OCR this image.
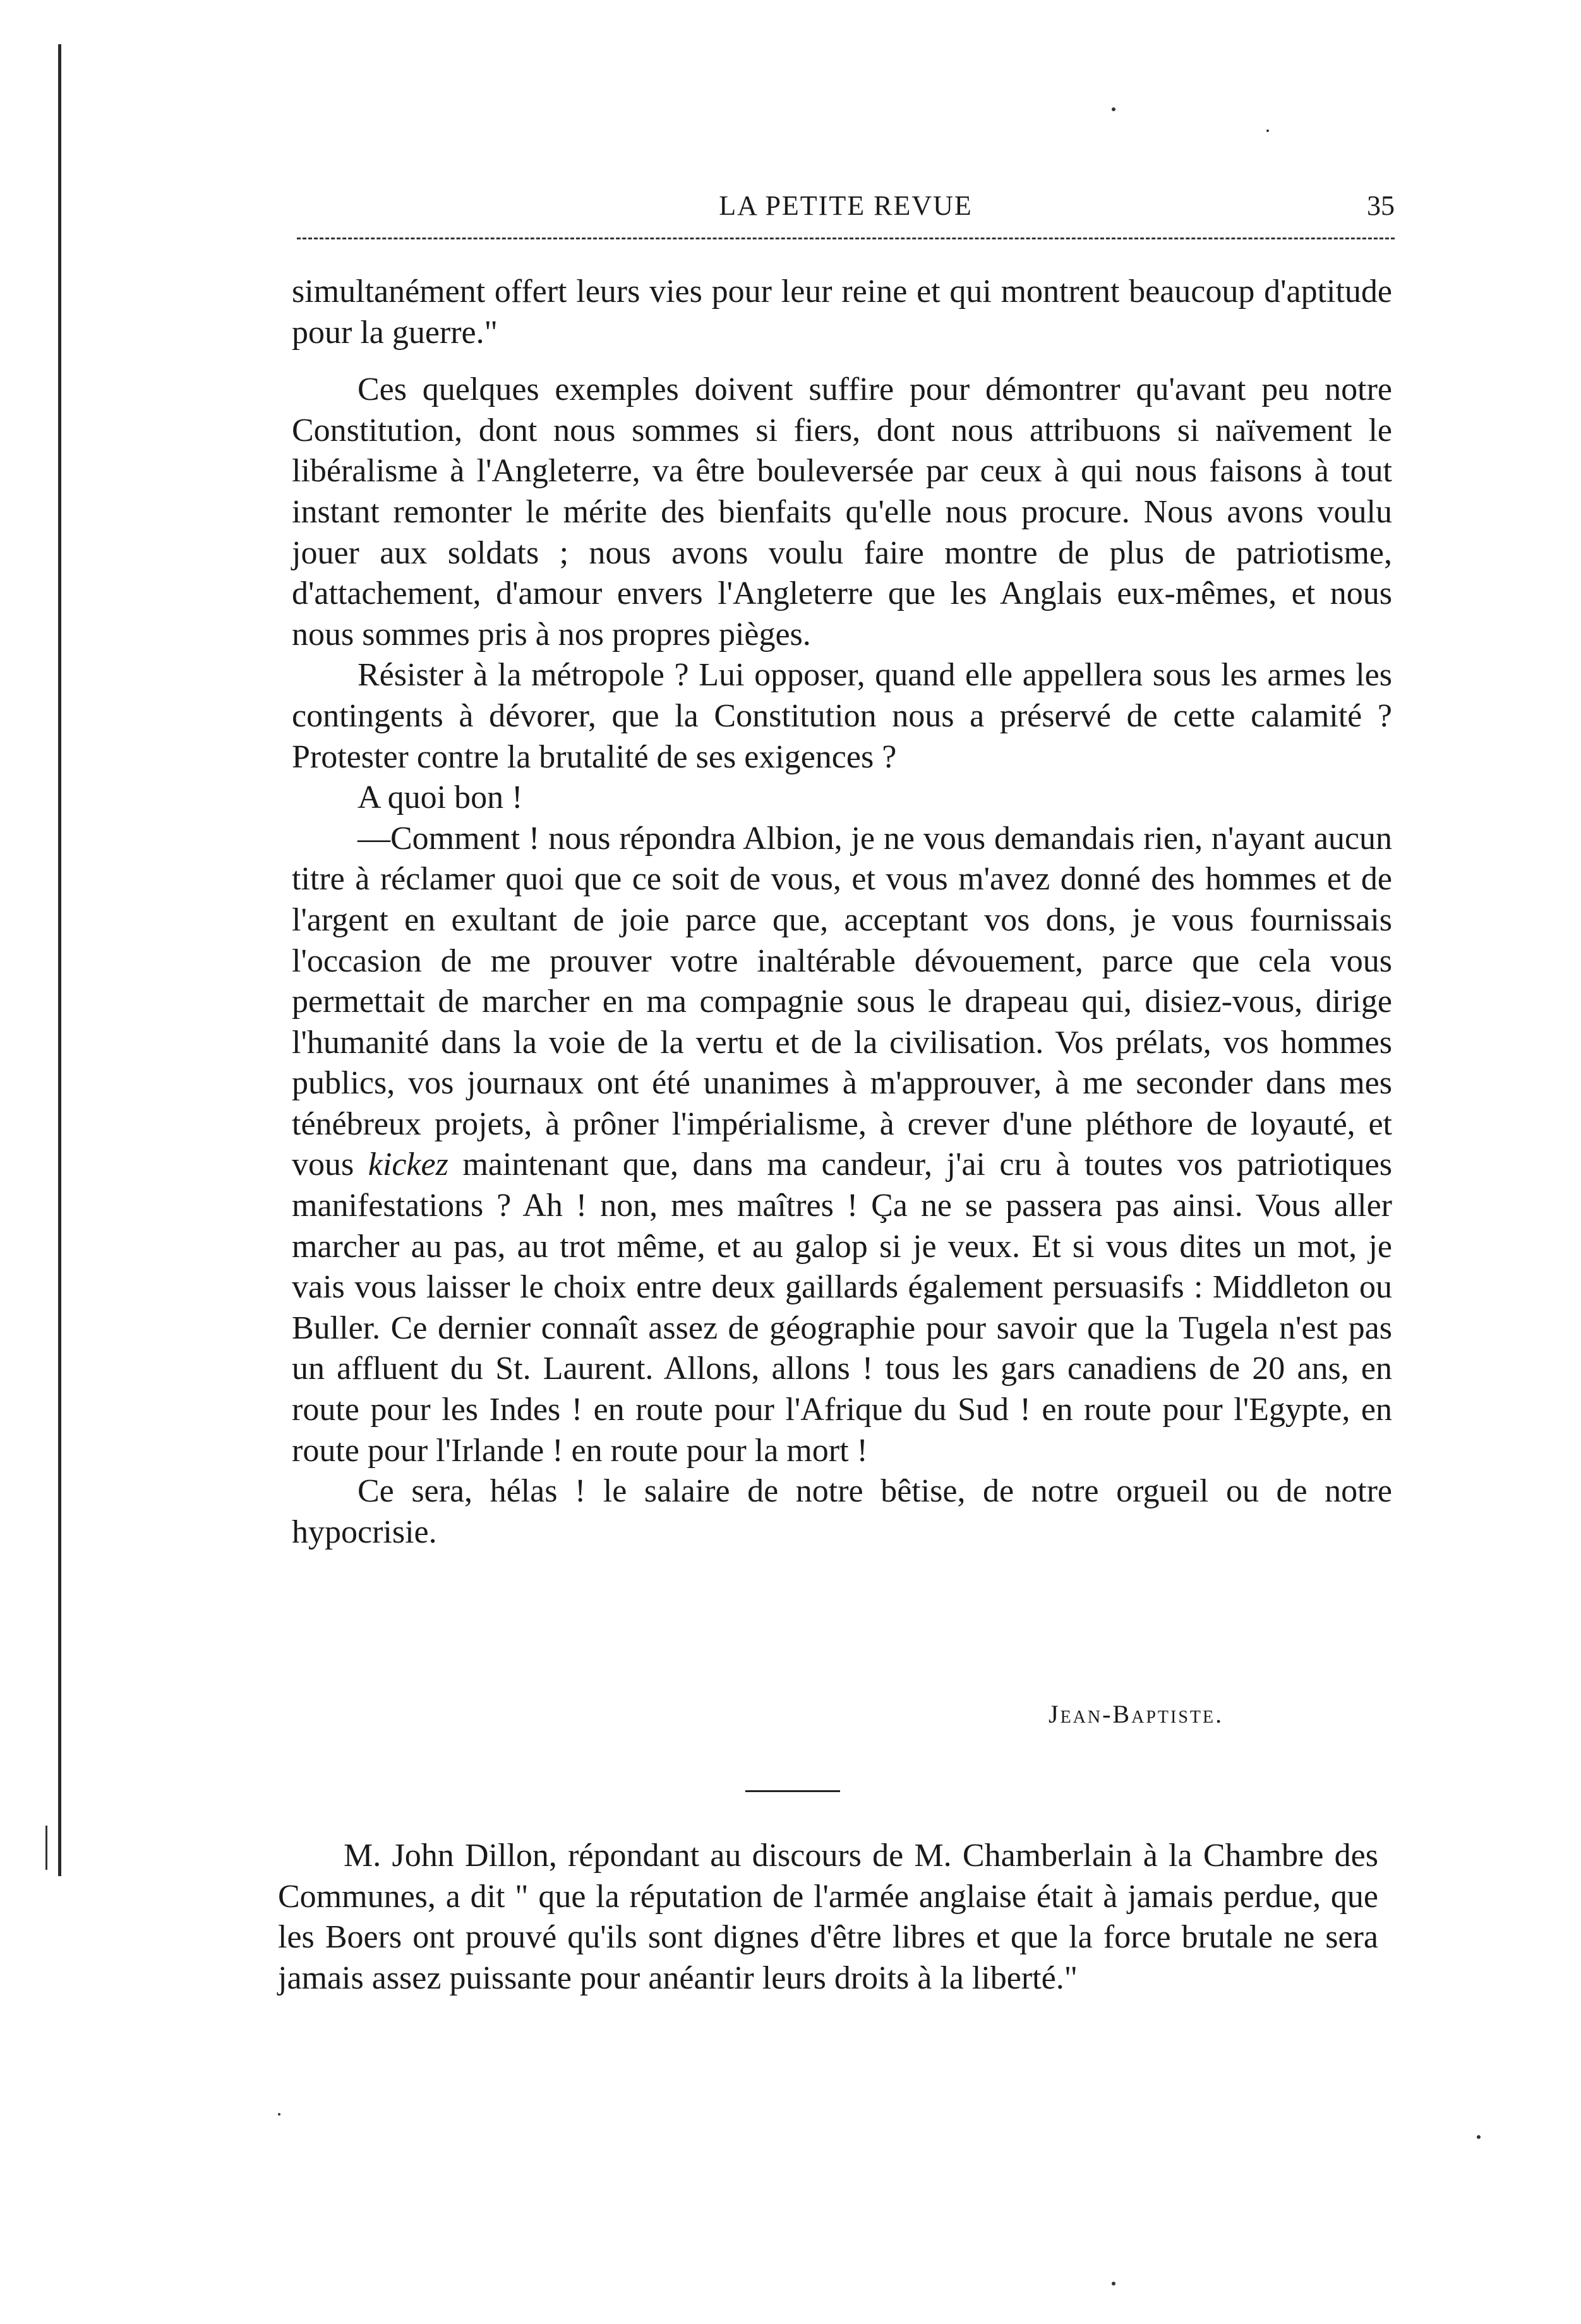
LA PETITE REVUE	35

simultanément offert leurs vies pour leur reine et qui montrent beaucoup d'aptitude pour la guerre."

Ces quelques exemples doivent suffire pour démontrer qu'avant peu notre Constitution, dont nous sommes si fiers, dont nous attribuons si naïvement le libéralisme à l'Angleterre, va être bouleversée par ceux à qui nous faisons à tout instant remonter le mérite des bienfaits qu'elle nous procure. Nous avons voulu jouer aux soldats ; nous avons voulu faire montre de plus de patriotisme, d'attachement, d'amour envers l'Angleterre que les Anglais eux-mêmes, et nous nous sommes pris à nos propres pièges.

Résister à la métropole ? Lui opposer, quand elle appellera sous les armes les contingents à dévorer, que la Constitution nous a préservé de cette calamité ? Protester contre la brutalité de ses exigences ?

A quoi bon !

—Comment ! nous répondra Albion, je ne vous demandais rien, n'ayant aucun titre à réclamer quoi que ce soit de vous, et vous m'avez donné des hommes et de l'argent en exultant de joie parce que, acceptant vos dons, je vous fournissais l'occasion de me prouver votre inaltérable dévouement, parce que cela vous permettait de marcher en ma compagnie sous le drapeau qui, disiez-vous, dirige l'humanité dans la voie de la vertu et de la civilisation. Vos prélats, vos hommes publics, vos journaux ont été unanimes à m'approuver, à me seconder dans mes ténébreux projets, à prôner l'impérialisme, à crever d'une pléthore de loyauté, et vous kickez maintenant que, dans ma candeur, j'ai cru à toutes vos patriotiques manifestations ? Ah ! non, mes maîtres ! Ça ne se passera pas ainsi. Vous aller marcher au pas, au trot même, et au galop si je veux. Et si vous dites un mot, je vais vous laisser le choix entre deux gaillards également persuasifs : Middleton ou Buller. Ce dernier connaît assez de géographie pour savoir que la Tugela n'est pas un affluent du St. Laurent. Allons, allons ! tous les gars canadiens de 20 ans, en route pour les Indes ! en route pour l'Afrique du Sud ! en route pour l'Egypte, en route pour l'Irlande ! en route pour la mort !

Ce sera, hélas ! le salaire de notre bêtise, de notre orgueil ou de notre hypocrisie.

Jean-Baptiste.

M. John Dillon, répondant au discours de M. Chamberlain à la Chambre des Communes, a dit " que la réputation de l'armée anglaise était à jamais perdue, que les Boers ont prouvé qu'ils sont dignes d'être libres et que la force brutale ne sera jamais assez puissante pour anéantir leurs droits à la liberté."
